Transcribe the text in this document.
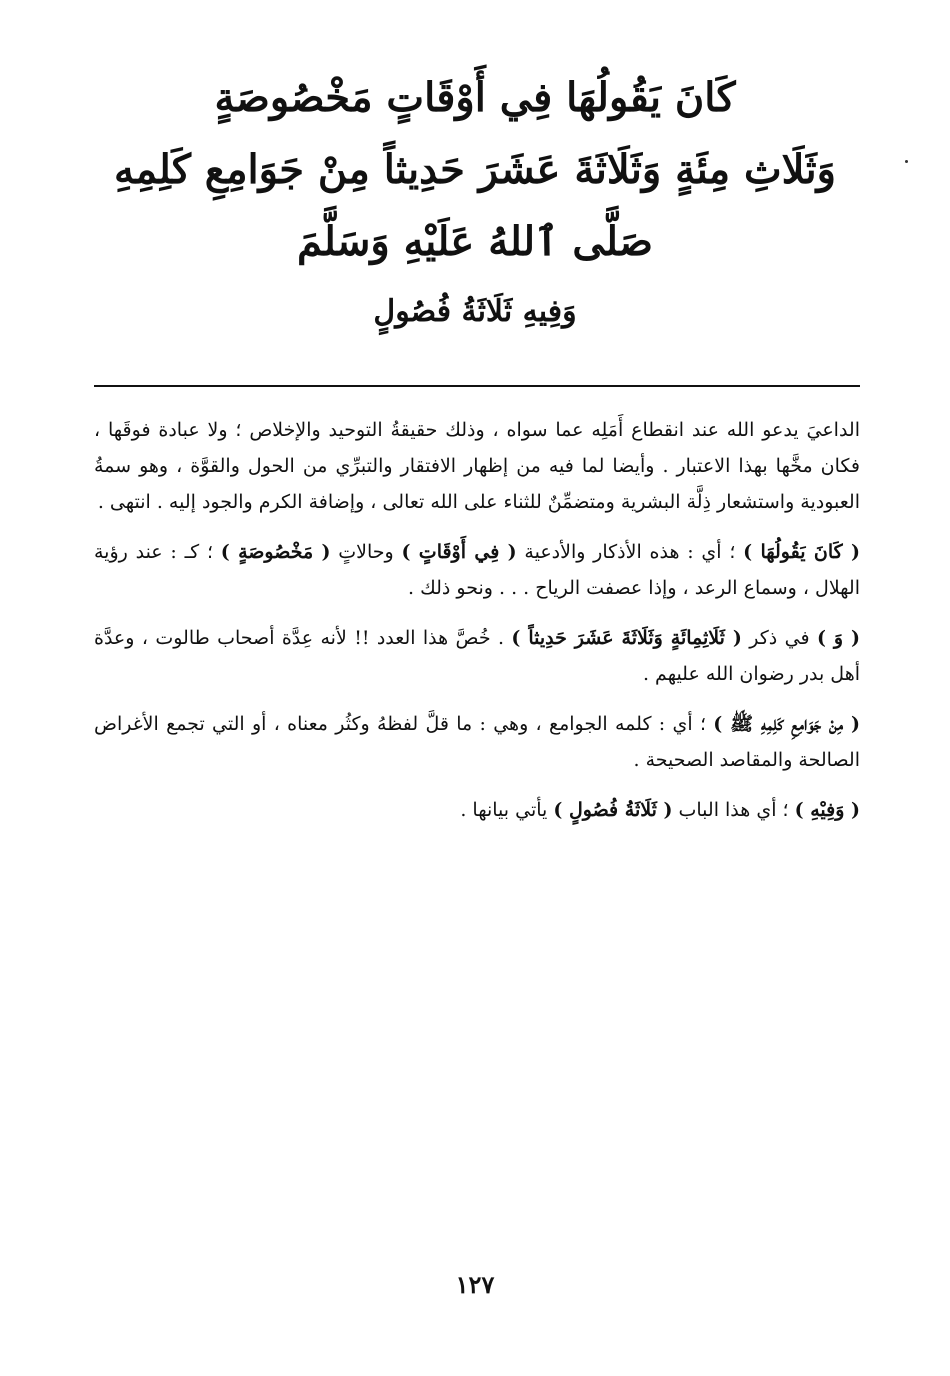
كَانَ يَقُولُهَا فِي أَوْقَاتٍ مَخْصُوصَةٍ
وَثَلَاثِ مِئَةٍ وَثَلَاثَةَ عَشَرَ حَدِيثاً مِنْ جَوَامِعِ كَلِمِهِ
صَلَّى ٱللهُ عَلَيْهِ وَسَلَّمَ
وَفِيهِ ثَلَاثَةُ فُصُولٍ

الداعيَ يدعو الله عند انقطاع أَمَلِه عما سواه ، وذلك حقيقةُ التوحيد والإخلاص ؛ ولا عبادة فوقَها ، فكان مخَّها بهذا الاعتبار . وأيضا لما فيه من إظهار الافتقار والتبرِّي من الحول والقوَّة ، وهو سمةُ العبودية واستشعار ذِلَّة البشرية ومتضمِّنٌ للثناء على الله تعالى ، وإضافة الكرم والجود إليه . انتهى .

( كَانَ يَقُولُهَا ) ؛ أي : هذه الأذكار والأدعية ( فِي أَوْقَاتٍ ) وحالاتٍ ( مَخْصُوصَةٍ ) ؛ كـ : عند رؤية الهلال ، وسماع الرعد ، وإذا عصفت الرياح . . . ونحو ذلك .

( وَ ) في ذكر ( ثَلَاثِمِائَةٍ وَثَلَاثَةَ عَشَرَ حَدِيثاً ) . خُصَّ هذا العدد !! لأنه عِدَّة أصحاب طالوت ، وعدَّة أهل بدر رضوان الله عليهم .

( مِنْ جَوَامِعِ كَلِمِهِ ﷺ ) ؛ أي : كلمه الجوامع ، وهي : ما قلَّ لفظهُ وكثُر معناه ، أو التي تجمع الأغراض الصالحة والمقاصد الصحيحة .

( وَفِيْهِ ) ؛ أي هذا الباب ( ثَلَاثَةُ فُصُولٍ ) يأتي بيانها .

١٢٧
